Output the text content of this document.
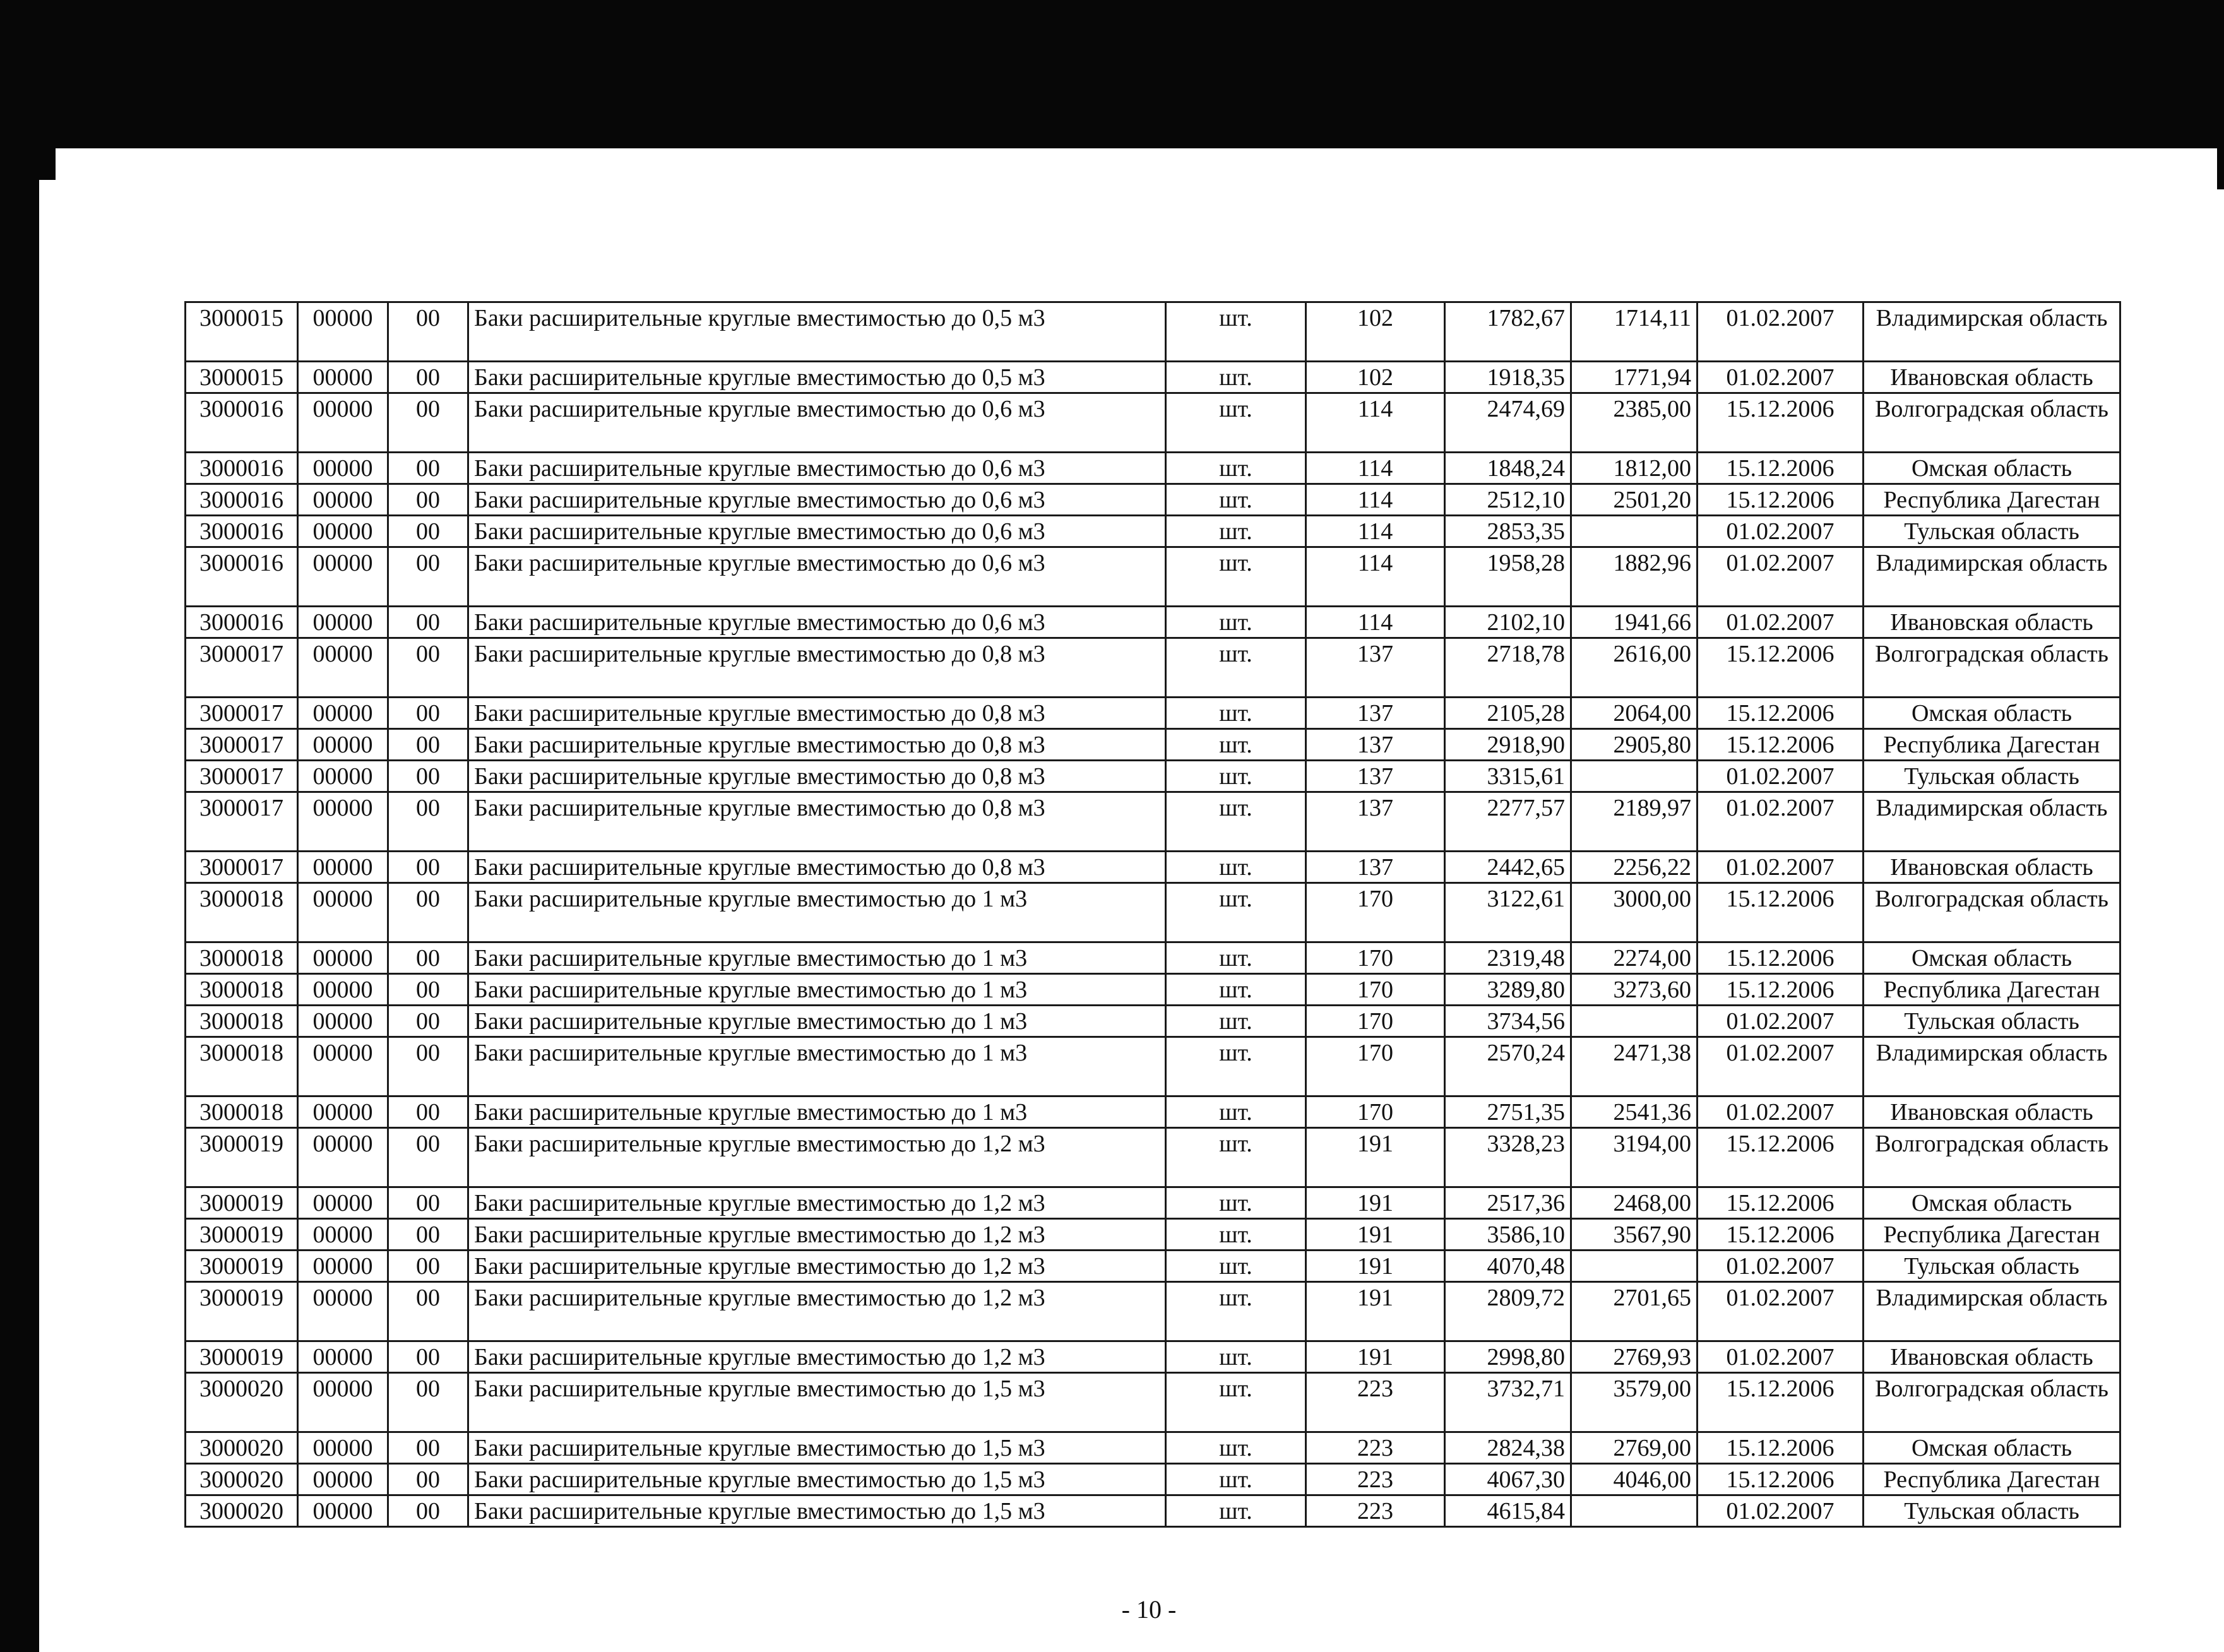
3000015	00000	00	Баки расширительные круглые вместимостью до 0,5 м3	шт.	102	1782,67	1714,11	01.02.2007	Владимирская область
3000015	00000	00	Баки расширительные круглые вместимостью до 0,5 м3	шт.	102	1918,35	1771,94	01.02.2007	Ивановская область
3000016	00000	00	Баки расширительные круглые вместимостью до 0,6 м3	шт.	114	2474,69	2385,00	15.12.2006	Волгоградская область
3000016	00000	00	Баки расширительные круглые вместимостью до 0,6 м3	шт.	114	1848,24	1812,00	15.12.2006	Омская область
3000016	00000	00	Баки расширительные круглые вместимостью до 0,6 м3	шт.	114	2512,10	2501,20	15.12.2006	Республика Дагестан
3000016	00000	00	Баки расширительные круглые вместимостью до 0,6 м3	шт.	114	2853,35		01.02.2007	Тульская область
3000016	00000	00	Баки расширительные круглые вместимостью до 0,6 м3	шт.	114	1958,28	1882,96	01.02.2007	Владимирская область
3000016	00000	00	Баки расширительные круглые вместимостью до 0,6 м3	шт.	114	2102,10	1941,66	01.02.2007	Ивановская область
3000017	00000	00	Баки расширительные круглые вместимостью до 0,8 м3	шт.	137	2718,78	2616,00	15.12.2006	Волгоградская область
3000017	00000	00	Баки расширительные круглые вместимостью до 0,8 м3	шт.	137	2105,28	2064,00	15.12.2006	Омская область
3000017	00000	00	Баки расширительные круглые вместимостью до 0,8 м3	шт.	137	2918,90	2905,80	15.12.2006	Республика Дагестан
3000017	00000	00	Баки расширительные круглые вместимостью до 0,8 м3	шт.	137	3315,61		01.02.2007	Тульская область
3000017	00000	00	Баки расширительные круглые вместимостью до 0,8 м3	шт.	137	2277,57	2189,97	01.02.2007	Владимирская область
3000017	00000	00	Баки расширительные круглые вместимостью до 0,8 м3	шт.	137	2442,65	2256,22	01.02.2007	Ивановская область
3000018	00000	00	Баки расширительные круглые вместимостью до 1 м3	шт.	170	3122,61	3000,00	15.12.2006	Волгоградская область
3000018	00000	00	Баки расширительные круглые вместимостью до 1 м3	шт.	170	2319,48	2274,00	15.12.2006	Омская область
3000018	00000	00	Баки расширительные круглые вместимостью до 1 м3	шт.	170	3289,80	3273,60	15.12.2006	Республика Дагестан
3000018	00000	00	Баки расширительные круглые вместимостью до 1 м3	шт.	170	3734,56		01.02.2007	Тульская область
3000018	00000	00	Баки расширительные круглые вместимостью до 1 м3	шт.	170	2570,24	2471,38	01.02.2007	Владимирская область
3000018	00000	00	Баки расширительные круглые вместимостью до 1 м3	шт.	170	2751,35	2541,36	01.02.2007	Ивановская область
3000019	00000	00	Баки расширительные круглые вместимостью до 1,2 м3	шт.	191	3328,23	3194,00	15.12.2006	Волгоградская область
3000019	00000	00	Баки расширительные круглые вместимостью до 1,2 м3	шт.	191	2517,36	2468,00	15.12.2006	Омская область
3000019	00000	00	Баки расширительные круглые вместимостью до 1,2 м3	шт.	191	3586,10	3567,90	15.12.2006	Республика Дагестан
3000019	00000	00	Баки расширительные круглые вместимостью до 1,2 м3	шт.	191	4070,48		01.02.2007	Тульская область
3000019	00000	00	Баки расширительные круглые вместимостью до 1,2 м3	шт.	191	2809,72	2701,65	01.02.2007	Владимирская область
3000019	00000	00	Баки расширительные круглые вместимостью до 1,2 м3	шт.	191	2998,80	2769,93	01.02.2007	Ивановская область
3000020	00000	00	Баки расширительные круглые вместимостью до 1,5 м3	шт.	223	3732,71	3579,00	15.12.2006	Волгоградская область
3000020	00000	00	Баки расширительные круглые вместимостью до 1,5 м3	шт.	223	2824,38	2769,00	15.12.2006	Омская область
3000020	00000	00	Баки расширительные круглые вместимостью до 1,5 м3	шт.	223	4067,30	4046,00	15.12.2006	Республика Дагестан
3000020	00000	00	Баки расширительные круглые вместимостью до 1,5 м3	шт.	223	4615,84		01.02.2007	Тульская область
- 10 -
